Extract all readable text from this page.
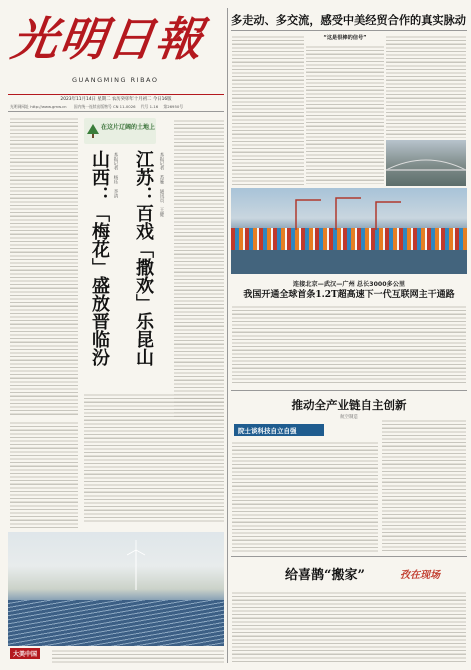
光明日報
GUANGMING RIBAO
2023年11月14日 星期二 农历癸卯年十月初二 今日16版
光明网网址 http://www.gmw.cn 国内统一连续出版物号 CN 11-0026 代号 1-16 第26950号
山西：「梅花」盛放晋临汾 本报记者 杨珏 李清
在这片辽阔的土地上
江苏：百戏「撒欢」乐昆山 本报记者 苏雁 通讯员 王健
大美中国
多走动、多交流，感受中美经贸合作的真实脉动
“这是很棒的信号”
连接北京—武汉—广州 总长3000多公里
我国开通全球首条1.2T超高速下一代互联网主干通路
推动全产业链自主创新
航空制造
院士谈科技自立自强
给喜鹊“搬家”	孜在现场
